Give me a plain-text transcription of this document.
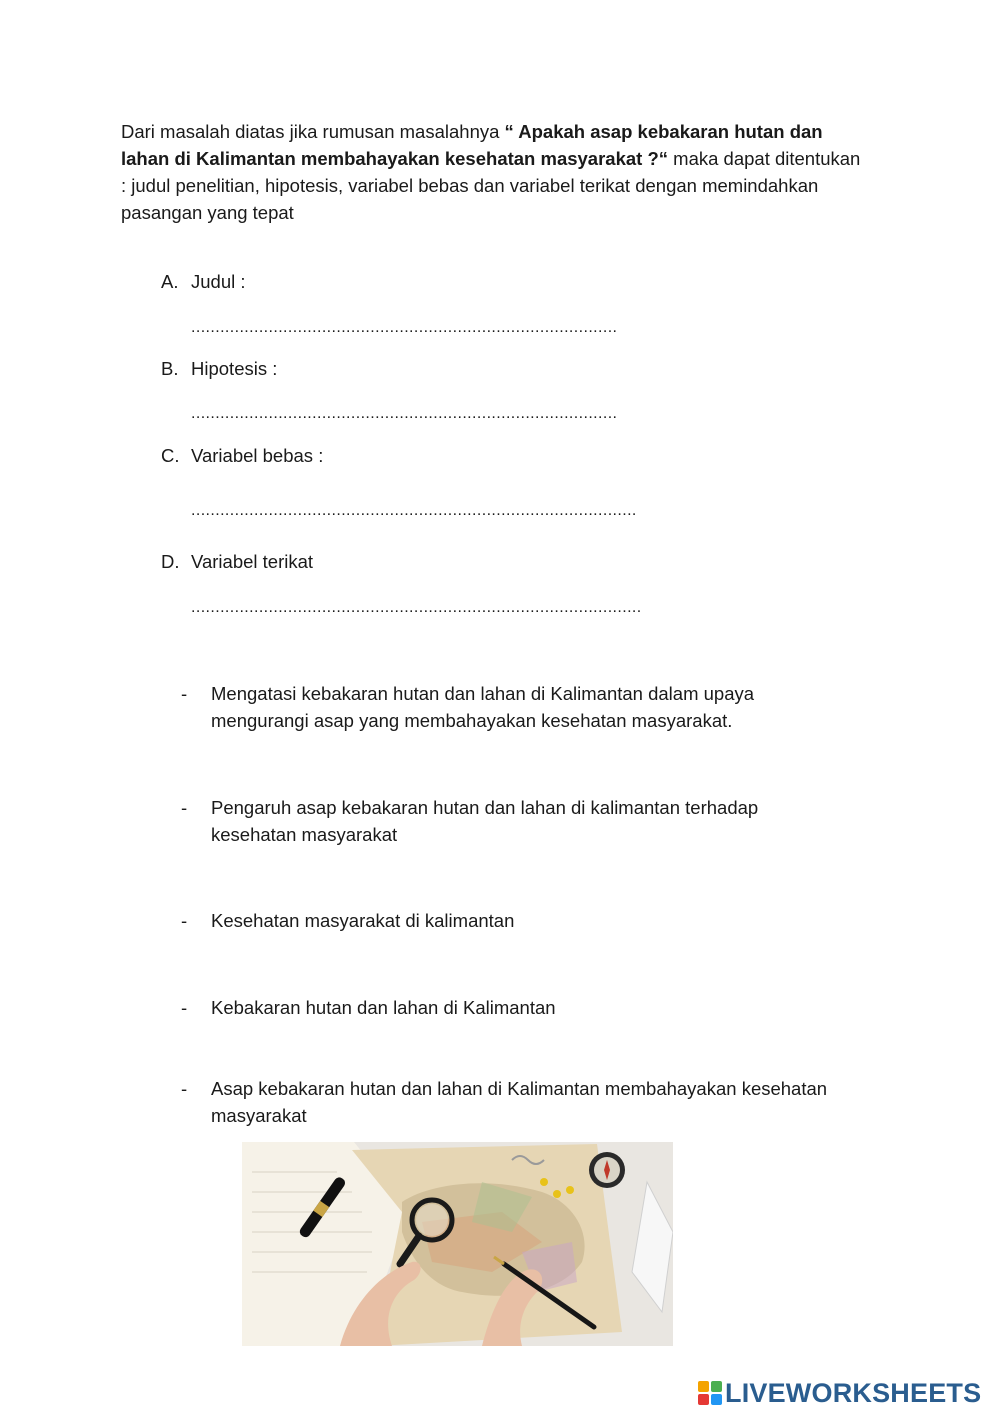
Dari masalah diatas jika rumusan masalahnya “ Apakah asap kebakaran hutan dan lahan di Kalimantan membahayakan kesehatan masyarakat ?“ maka dapat ditentukan : judul penelitian, hipotesis, variabel bebas dan variabel terikat dengan memindahkan pasangan yang tepat

A. Judul :
........................................................................................
B. Hipotesis :
........................................................................................
C. Variabel bebas :
............................................................................................
D. Variabel terikat
.............................................................................................
- Mengatasi kebakaran hutan dan lahan di Kalimantan dalam upaya mengurangi asap yang membahayakan kesehatan masyarakat.
- Pengaruh asap kebakaran hutan dan lahan di kalimantan terhadap kesehatan masyarakat
- Kesehatan masyarakat di kalimantan
- Kebakaran hutan dan lahan di Kalimantan
- Asap kebakaran hutan dan lahan di Kalimantan membahayakan kesehatan masyarakat
LIVEWORKSHEETS
